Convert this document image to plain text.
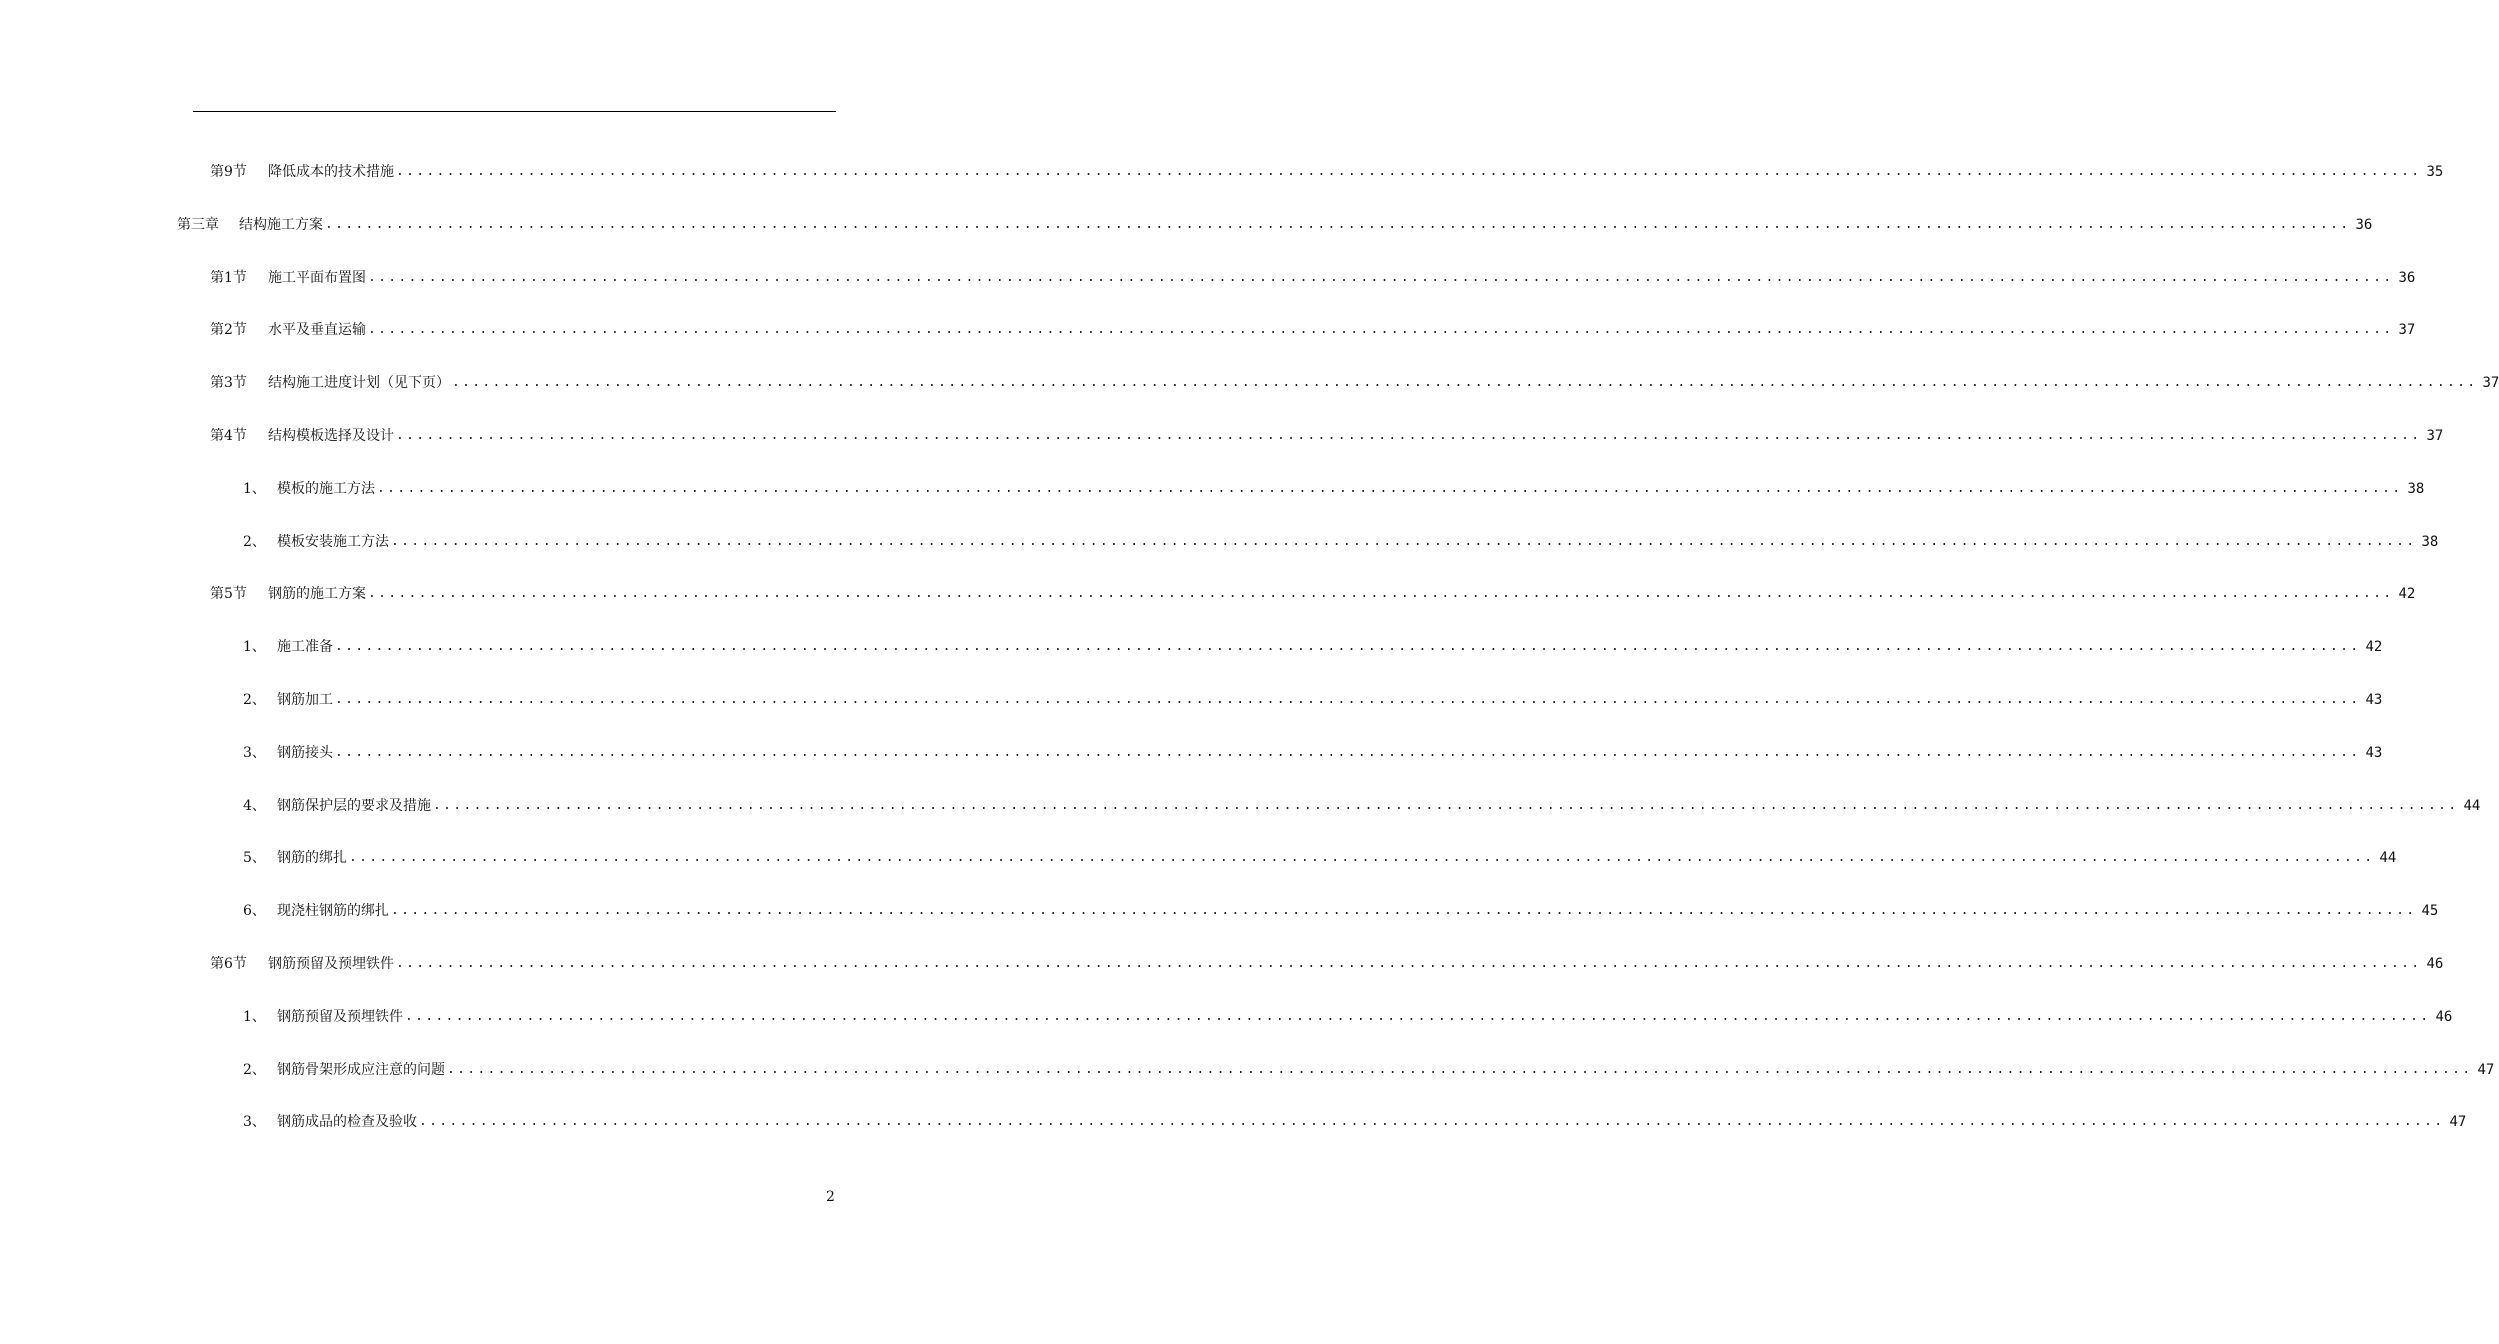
第9节	降低成本的技术措施 ........................................................................................................................................................................................................ 35
第三章	结构施工方案 ........................................................................................................................................................................................................ 36
第1节	施工平面布置图 ........................................................................................................................................................................................................ 36
第2节	水平及垂直运输 ........................................................................................................................................................................................................ 37
第3节	结构施工进度计划（见下页） ........................................................................................................................................................................................................ 37
第4节	结构模板选择及设计 ........................................................................................................................................................................................................ 37
1、 模板的施工方法 ........................................................................................................................................................................................................ 38
2、 模板安装施工方法 ........................................................................................................................................................................................................ 38
第5节	钢筋的施工方案 ........................................................................................................................................................................................................ 42
1、 施工准备 ........................................................................................................................................................................................................ 42
2、 钢筋加工 ........................................................................................................................................................................................................ 43
3、 钢筋接头 ........................................................................................................................................................................................................ 43
4、 钢筋保护层的要求及措施 ........................................................................................................................................................................................................ 44
5、 钢筋的绑扎 ........................................................................................................................................................................................................ 44
6、 现浇柱钢筋的绑扎 ........................................................................................................................................................................................................ 45
第6节	钢筋预留及预埋铁件 ........................................................................................................................................................................................................ 46
1、 钢筋预留及预埋铁件 ........................................................................................................................................................................................................ 46
2、 钢筋骨架形成应注意的问题 ........................................................................................................................................................................................................ 47
3、 钢筋成品的检查及验收 ........................................................................................................................................................................................................ 47
2
